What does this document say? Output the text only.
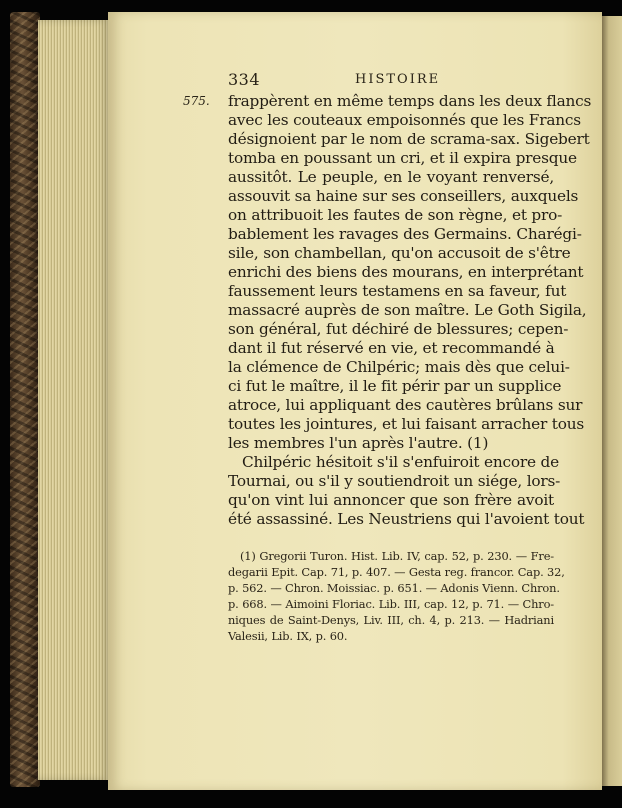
334	HISTOIRE
575. frappèrent en même temps dans les deux flancs
avec les couteaux empoisonnés que les Francs
désignoient par le nom de scrama-sax. Sigebert
tomba en poussant un cri, et il expira presque
aussitôt. Le peuple, en le voyant renversé,
assouvit sa haine sur ses conseillers, auxquels
on attribuoit les fautes de son règne, et pro-
bablement les ravages des Germains. Charégi-
sile, son chambellan, qu'on accusoit de s'être
enrichi des biens des mourans, en interprétant
faussement leurs testamens en sa faveur, fut
massacré auprès de son maître. Le Goth Sigila,
son général, fut déchiré de blessures; cepen-
dant il fut réservé en vie, et recommandé à
la clémence de Chilpéric; mais dès que celui-
ci fut le maître, il le fit périr par un supplice
atroce, lui appliquant des cautères brûlans sur
toutes les jointures, et lui faisant arracher tous
les membres l'un après l'autre. (1)
Chilpéric hésitoit s'il s'enfuiroit encore de
Tournai, ou s'il y soutiendroit un siége, lors-
qu'on vint lui annoncer que son frère avoit
été assassiné. Les Neustriens qui l'avoient tout
(1) Gregorii Turon. Hist. Lib. IV, cap. 52, p. 230. — Fre-
degarii Epit. Cap. 71, p. 407. — Gesta reg. francor. Cap. 32,
p. 562. — Chron. Moissiac. p. 651. — Adonis Vienn. Chron.
p. 668. — Aimoini Floriac. Lib. III, cap. 12, p. 71. — Chro-
niques de Saint-Denys, Liv. III, ch. 4, p. 213. — Hadriani
Valesii, Lib. IX, p. 60.
